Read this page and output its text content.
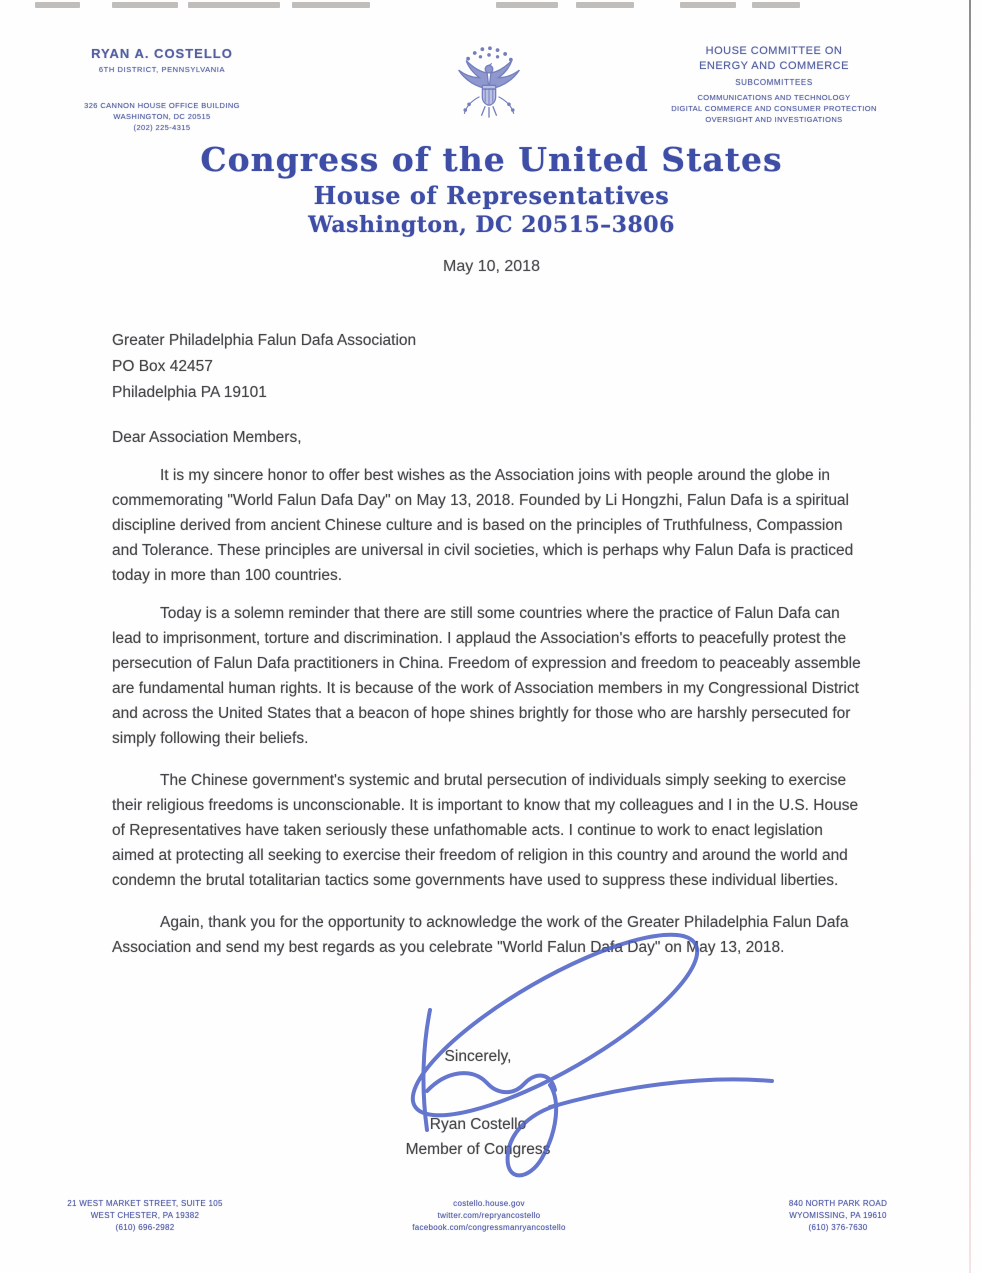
RYAN A. COSTELLO
6TH DISTRICT, PENNSYLVANIA
326 CANNON HOUSE OFFICE BUILDING
WASHINGTON, DC 20515
(202) 225-4315
HOUSE COMMITTEE ON
ENERGY AND COMMERCE
SUBCOMMITTEES
COMMUNICATIONS AND TECHNOLOGY
DIGITAL COMMERCE AND CONSUMER PROTECTION
OVERSIGHT AND INVESTIGATIONS
Congress of the United States
House of Representatives
Washington, DC 20515–3806
May 10, 2018
Greater Philadelphia Falun Dafa Association
PO Box 42457
Philadelphia PA 19101
Dear Association Members,
It is my sincere honor to offer best wishes as the Association joins with people around the globe in commemorating "World Falun Dafa Day" on May 13, 2018. Founded by Li Hongzhi, Falun Dafa is a spiritual discipline derived from ancient Chinese culture and is based on the principles of Truthfulness, Compassion and Tolerance. These principles are universal in civil societies, which is perhaps why Falun Dafa is practiced today in more than 100 countries.
Today is a solemn reminder that there are still some countries where the practice of Falun Dafa can lead to imprisonment, torture and discrimination. I applaud the Association's efforts to peacefully protest the persecution of Falun Dafa practitioners in China. Freedom of expression and freedom to peaceably assemble are fundamental human rights. It is because of the work of Association members in my Congressional District and across the United States that a beacon of hope shines brightly for those who are harshly persecuted for simply following their beliefs.
The Chinese government's systemic and brutal persecution of individuals simply seeking to exercise their religious freedoms is unconscionable. It is important to know that my colleagues and I in the U.S. House of Representatives have taken seriously these unfathomable acts. I continue to work to enact legislation aimed at protecting all seeking to exercise their freedom of religion in this country and around the world and condemn the brutal totalitarian tactics some governments have used to suppress these individual liberties.
Again, thank you for the opportunity to acknowledge the work of the Greater Philadelphia Falun Dafa Association and send my best regards as you celebrate "World Falun Dafa Day" on May 13, 2018.
Sincerely,
Ryan Costello
Member of Congress
21 WEST MARKET STREET, SUITE 105
WEST CHESTER, PA 19382
(610) 696-2982
costello.house.gov
twitter.com/repryancostello
facebook.com/congressmanryancostello
840 NORTH PARK ROAD
WYOMISSING, PA 19610
(610) 376-7630
